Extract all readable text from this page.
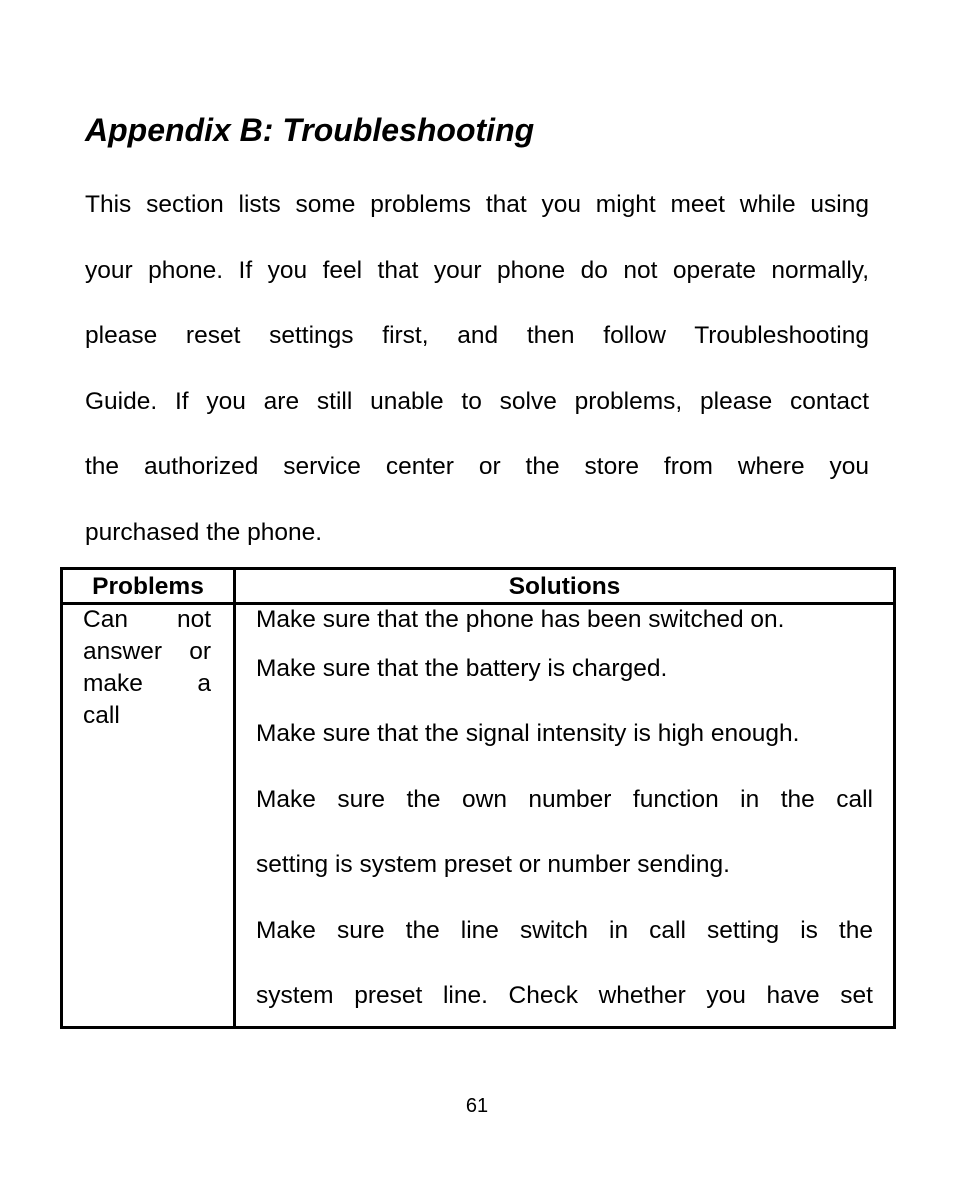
Appendix B: Troubleshooting
This section lists some problems that you might meet while using
your phone. If you feel that your phone do not operate normally,
please reset settings first, and then follow Troubleshooting
Guide. If you are still unable to solve problems, please contact
the authorized service center or the store from where you
purchased the phone.
Problems	Solutions
Can not
answer or
make a
call
Make sure that the phone has been switched on.
Make sure that the battery is charged.
Make sure that the signal intensity is high enough.
Make sure the own number function in the call
setting is system preset or number sending.
Make sure the line switch in call setting is the
system preset line. Check whether you have set
61
